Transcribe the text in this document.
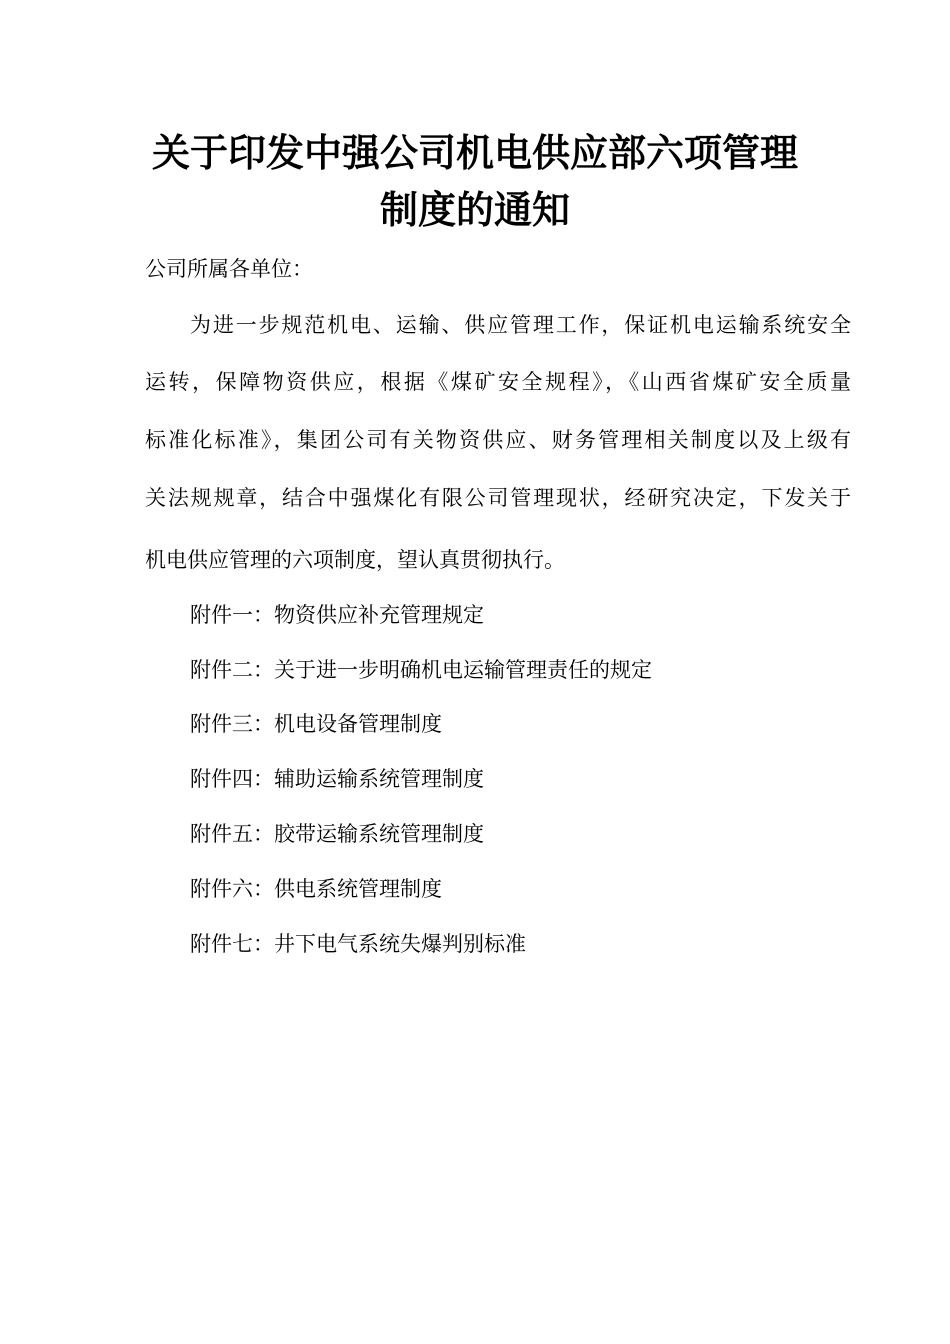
关于印发中强公司机电供应部六项管理
制度的通知
公司所属各单位：
为进一步规范机电、运输、供应管理工作，保证机电运输系统安全
运转，保障物资供应，根据《煤矿安全规程》，《山西省煤矿安全质量
标准化标准》，集团公司有关物资供应、财务管理相关制度以及上级有
关法规规章，结合中强煤化有限公司管理现状，经研究决定，下发关于
机电供应管理的六项制度，望认真贯彻执行。
附件一：物资供应补充管理规定
附件二：关于进一步明确机电运输管理责任的规定
附件三：机电设备管理制度
附件四：辅助运输系统管理制度
附件五：胶带运输系统管理制度
附件六：供电系统管理制度
附件七：井下电气系统失爆判别标准
